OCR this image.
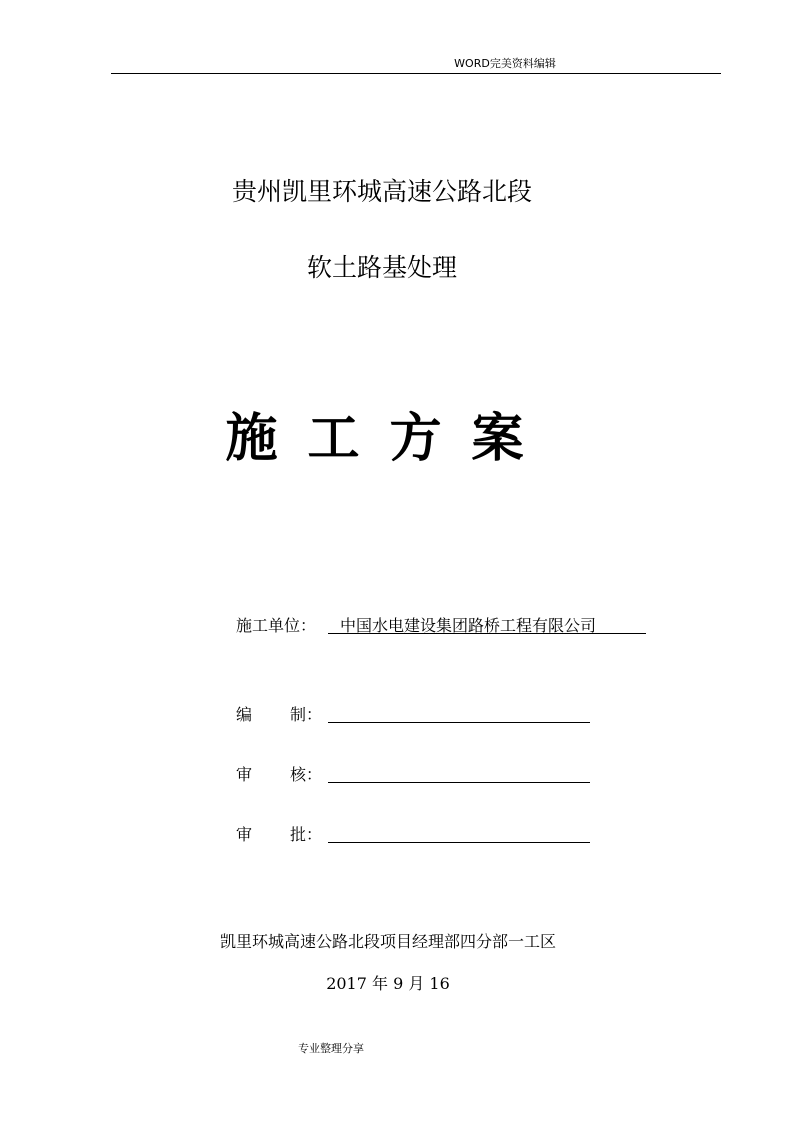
WORD完美资料编辑
贵州凯里环城高速公路北段
软土路基处理
施工方案
施工单位： 中国水电建设集团路桥工程有限公司
编 制：
审 核：
审 批：
凯里环城高速公路北段项目经理部四分部一工区
2017 年 9 月 16
专业整理分享
